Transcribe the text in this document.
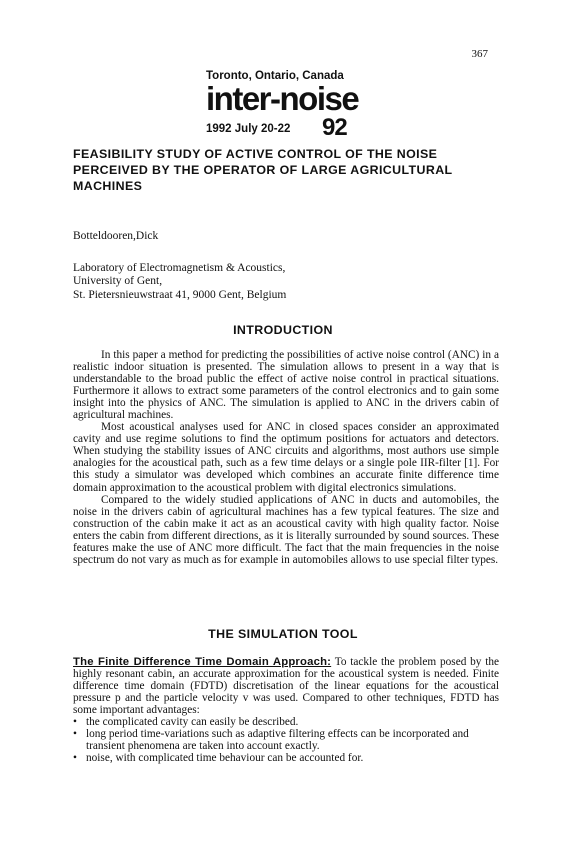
367
Toronto, Ontario, Canada
inter-noise
1992 July 20-22 92
FEASIBILITY STUDY OF ACTIVE CONTROL OF THE NOISE PERCEIVED BY THE OPERATOR OF LARGE AGRICULTURAL MACHINES
Botteldooren,Dick
Laboratory of Electromagnetism & Acoustics,
University of Gent,
St. Pietersnieuwstraat 41, 9000 Gent, Belgium
INTRODUCTION

In this paper a method for predicting the possibilities of active noise control (ANC) in a realistic indoor situation is presented. The simulation allows to present in a way that is understandable to the broad public the effect of active noise control in practical situations. Furthermore it allows to extract some parameters of the control electronics and to gain some insight into the physics of ANC. The simulation is applied to ANC in the drivers cabin of agricultural machines.

Most acoustical analyses used for ANC in closed spaces consider an approximated cavity and use regime solutions to find the optimum positions for actuators and detectors. When studying the stability issues of ANC circuits and algorithms, most authors use simple analogies for the acoustical path, such as a few time delays or a single pole IIR-filter [1]. For this study a simulator was developed which combines an accurate finite difference time domain approximation to the acoustical problem with digital electronics simulations.

Compared to the widely studied applications of ANC in ducts and automobiles, the noise in the drivers cabin of agricultural machines has a few typical features. The size and construction of the cabin make it act as an acoustical cavity with high quality factor. Noise enters the cabin from different directions, as it is literally surrounded by sound sources. These features make the use of ANC more difficult. The fact that the main frequencies in the noise spectrum do not vary as much as for example in automobiles allows to use special filter types.

THE SIMULATION TOOL

The Finite Difference Time Domain Approach: To tackle the problem posed by the highly resonant cabin, an accurate approximation for the acoustical system is needed. Finite difference time domain (FDTD) discretisation of the linear equations for the acoustical pressure p and the particle velocity v was used. Compared to other techniques, FDTD has some important advantages:

• the complicated cavity can easily be described.
• long period time-variations such as adaptive filtering effects can be incorporated and transient phenomena are taken into account exactly.
• noise, with complicated time behaviour can be accounted for.
